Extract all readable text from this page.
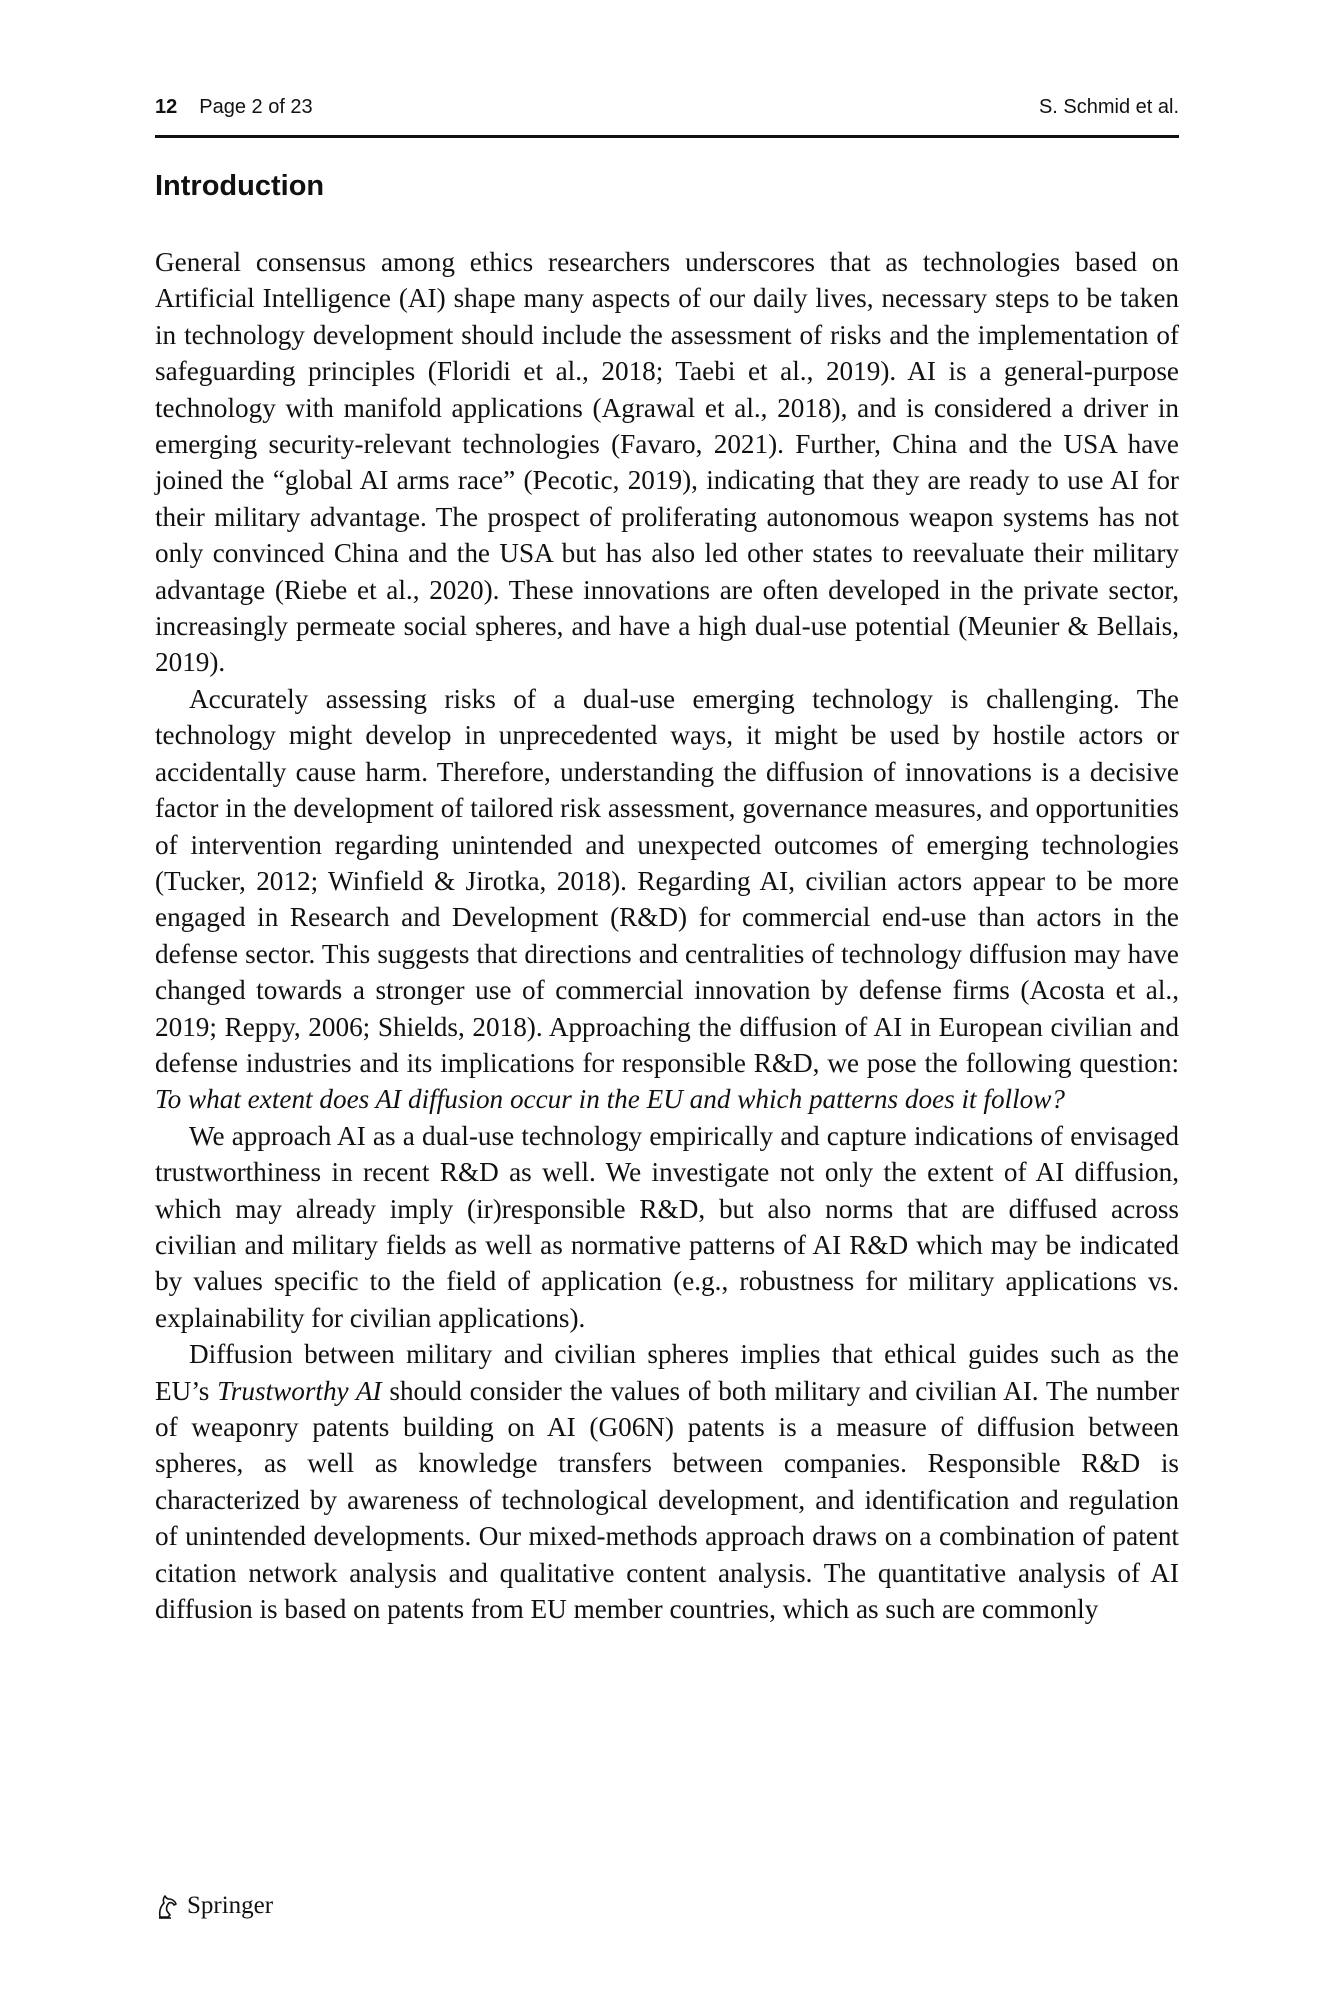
12 Page 2 of 23	S. Schmid et al.
Introduction

General consensus among ethics researchers underscores that as technologies based on Artificial Intelligence (AI) shape many aspects of our daily lives, necessary steps to be taken in technology development should include the assessment of risks and the implementation of safeguarding principles (Floridi et al., 2018; Taebi et al., 2019). AI is a general-purpose technology with manifold applications (Agrawal et al., 2018), and is considered a driver in emerging security-relevant technologies (Favaro, 2021). Further, China and the USA have joined the “global AI arms race” (Pecotic, 2019), indicating that they are ready to use AI for their military advantage. The prospect of proliferating autonomous weapon systems has not only convinced China and the USA but has also led other states to reevaluate their military advantage (Riebe et al., 2020). These innovations are often developed in the private sector, increasingly permeate social spheres, and have a high dual-use potential (Meunier & Bellais, 2019).

Accurately assessing risks of a dual-use emerging technology is challenging. The technology might develop in unprecedented ways, it might be used by hostile actors or accidentally cause harm. Therefore, understanding the diffusion of innovations is a decisive factor in the development of tailored risk assessment, governance measures, and opportunities of intervention regarding unintended and unexpected outcomes of emerging technologies (Tucker, 2012; Winfield & Jirotka, 2018). Regarding AI, civilian actors appear to be more engaged in Research and Development (R&D) for commercial end-use than actors in the defense sector. This suggests that directions and centralities of technology diffusion may have changed towards a stronger use of commercial innovation by defense firms (Acosta et al., 2019; Reppy, 2006; Shields, 2018). Approaching the diffusion of AI in European civilian and defense industries and its implications for responsible R&D, we pose the following question: To what extent does AI diffusion occur in the EU and which patterns does it follow?

We approach AI as a dual-use technology empirically and capture indications of envisaged trustworthiness in recent R&D as well. We investigate not only the extent of AI diffusion, which may already imply (ir)responsible R&D, but also norms that are diffused across civilian and military fields as well as normative patterns of AI R&D which may be indicated by values specific to the field of application (e.g., robustness for military applications vs. explainability for civilian applications).

Diffusion between military and civilian spheres implies that ethical guides such as the EU’s Trustworthy AI should consider the values of both military and civilian AI. The number of weaponry patents building on AI (G06N) patents is a measure of diffusion between spheres, as well as knowledge transfers between companies. Responsible R&D is characterized by awareness of technological development, and identification and regulation of unintended developments. Our mixed-methods approach draws on a combination of patent citation network analysis and qualitative content analysis. The quantitative analysis of AI diffusion is based on patents from EU member countries, which as such are commonly

Springer
